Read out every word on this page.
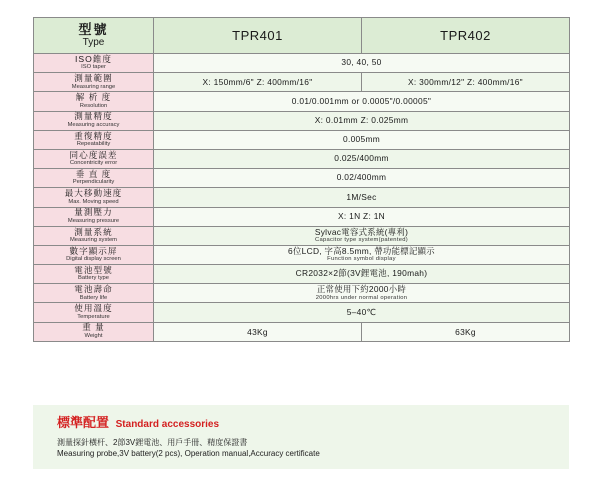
型號
Type	TPR401	TPR402

ISO錐度
ISO taper	30, 40, 50	

測量範圍
Measuring range	X: 150mm/6" Z: 400mm/16"	X: 300mm/12" Z: 400mm/16"

解 析 度
Resolution	0.01/0.001mm or 0.0005"/0.00005"	

測量精度
Measuring accuracy	X: 0.01mm Z: 0.025mm	

重復精度
Repeatability	0.005mm	

同心度誤差
Concentricity error	0.025/400mm	

垂 直 度
Perpendicularity	0.02/400mm	

最大移動速度
Max. Moving speed	1M/Sec	

量測壓力
Measuring pressure	X: 1N Z: 1N	

測量系統
Measuring system	Sylvac電容式系統(專利)
Capacitor type system(patented)	

數字顯示屏
Digital display screen	6位LCD, 字高8.5mm, 帶功能標記顯示
Function symbol display	

電池型號
Battery type	CR2032×2節(3V鋰電池, 190mah)	

電池壽命
Battery life	正常使用下約2000小時
2000hrs under normal operation	

使用溫度
Temperature	5–40℃	

重 量
Weight	43Kg	63Kg
標準配置 Standard accessories
測量探針橫杆、2節3V鋰電池、用戶手冊、精度保證書
Measuring probe,3V battery(2 pcs), Operation manual,Accuracy certificate
